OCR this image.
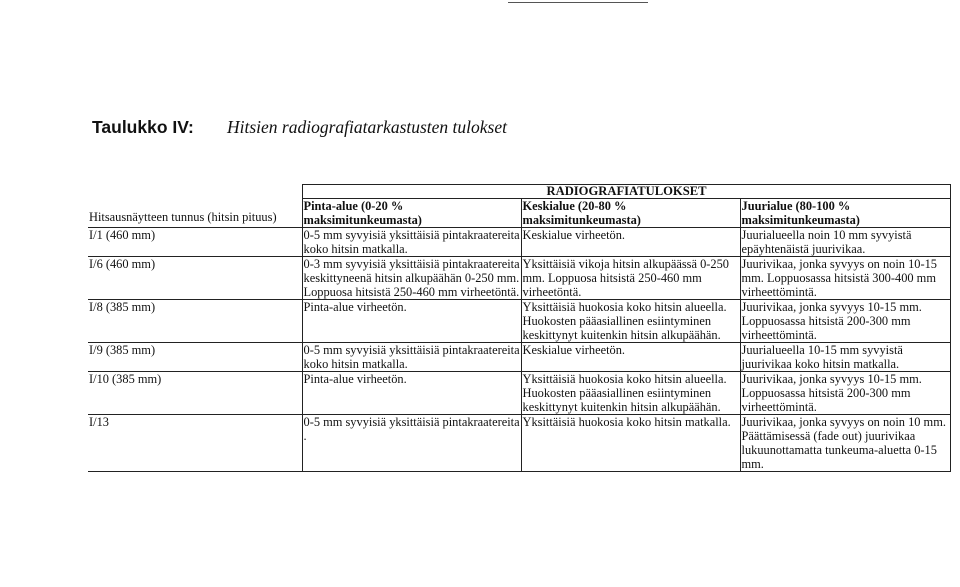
Taulukko IV: Hitsien radiografiatarkastusten tulokset
	RADIOGRAFIATULOKSET		
Hitsausnäytteen tunnus (hitsin pituus)	Pinta-alue (0-20 % maksimitunkeumasta)	Keskialue (20-80 % maksimitunkeumasta)	Juurialue (80-100 % maksimitunkeumasta)
I/1 (460 mm)	0-5 mm syvyisiä yksittäisiä pintakraatereita koko hitsin matkalla.	Keskialue virheetön.	Juurialueella noin 10 mm syvyistä epäyhtenäistä juurivikaa.
I/6 (460 mm)	0-3 mm syvyisiä yksittäisiä pintakraatereita keskittyneenä hitsin alkupäähän 0-250 mm. Loppuosa hitsistä 250-460 mm virheetöntä.	Yksittäisiä vikoja hitsin alkupäässä 0-250 mm. Loppuosa hitsistä 250-460 mm virheetöntä.	Juurivikaa, jonka syvyys on noin 10-15 mm. Loppuosassa hitsistä 300-400 mm virheettömintä.
I/8 (385 mm)	Pinta-alue virheetön.	Yksittäisiä huokosia koko hitsin alueella. Huokosten pääasiallinen esiintyminen keskittynyt kuitenkin hitsin alkupäähän.	Juurivikaa, jonka syvyys 10-15 mm. Loppuosassa hitsistä 200-300 mm virheettömintä.
I/9 (385 mm)	0-5 mm syvyisiä yksittäisiä pintakraatereita koko hitsin matkalla.	Keskialue virheetön.	Juurialueella 10-15 mm syvyistä juurivikaa koko hitsin matkalla.
I/10 (385 mm)	Pinta-alue virheetön.	Yksittäisiä huokosia koko hitsin alueella. Huokosten pääasiallinen esiintyminen keskittynyt kuitenkin hitsin alkupäähän.	Juurivikaa, jonka syvyys 10-15 mm. Loppuosassa hitsistä 200-300 mm virheettömintä.
I/13	0-5 mm syvyisiä yksittäisiä pintakraatereita .	Yksittäisiä huokosia koko hitsin matkalla.	Juurivikaa, jonka syvyys on noin 10 mm. Päättämisessä (fade out) juurivikaa lukuunottamatta tunkeuma-aluetta 0-15 mm.
